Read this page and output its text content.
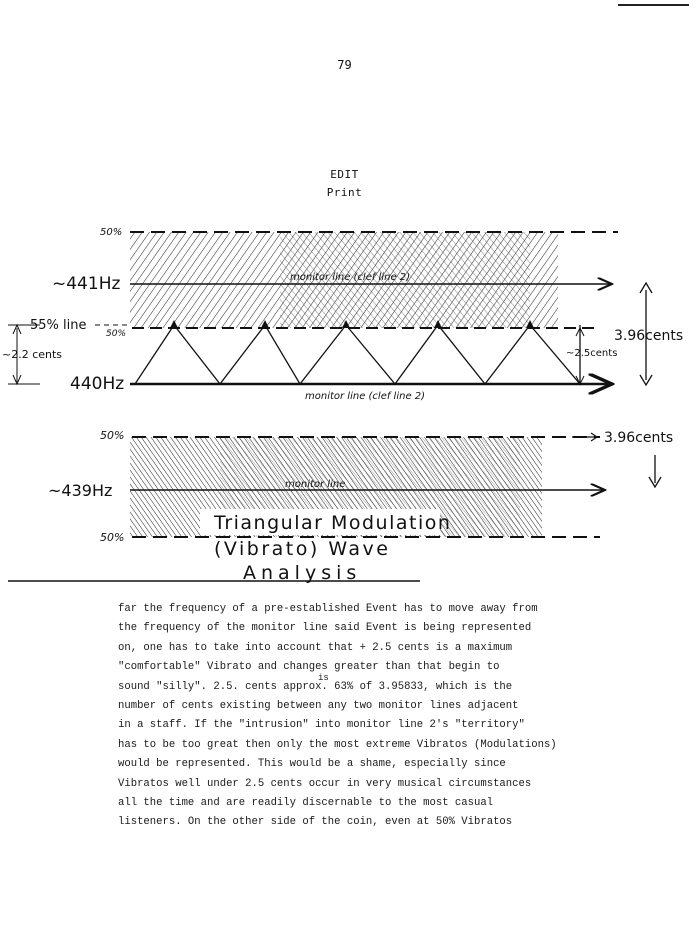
79
EDIT
Print
50%
~441Hz	monitor line (clef line 2)
55% line
50%	3.96cents
~2.5cents
~2.2 cents
440Hz
monitor line (clef line 2)
50%	3.96cents
~439Hz	monitor line
50%
Triangular Modulation
(Vibrato) Wave
Analysis
far the frequency of a pre-established Event has to move away from
the frequency of the monitor line said Event is being represented
on, one has to take into account that + 2.5 cents is a maximum
"comfortable" Vibrato and changes greater than that begin to
is
sound "silly". 2.5. cents approx. 63% of 3.95833, which is the
number of cents existing between any two monitor lines adjacent
in a staff. If the "intrusion" into monitor line 2's "territory"
has to be too great then only the most extreme Vibratos (Modulations)
would be represented. This would be a shame, especially since
Vibratos well under 2.5 cents occur in very musical circumstances
all the time and are readily discernable to the most casual
listeners. On the other side of the coin, even at 50% Vibratos
